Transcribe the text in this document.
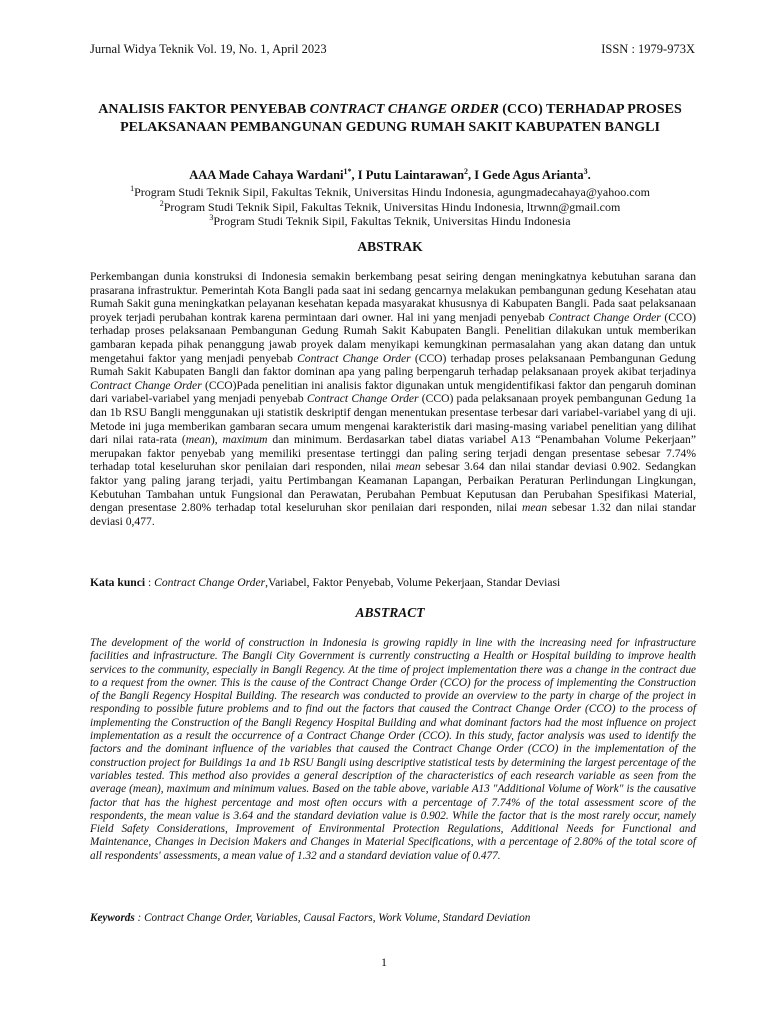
Jurnal Widya Teknik Vol. 19, No. 1, April 2023	ISSN : 1979-973X
ANALISIS FAKTOR PENYEBAB CONTRACT CHANGE ORDER (CCO) TERHADAP PROSES PELAKSANAAN PEMBANGUNAN GEDUNG RUMAH SAKIT KABUPATEN BANGLI
AAA Made Cahaya Wardani$^{1*}$, I Putu Laintarawan$^2$, I Gede Agus Arianta$^3$.
$^1$Program Studi Teknik Sipil, Fakultas Teknik, Universitas Hindu Indonesia, agungmadecahaya@yahoo.com
$^2$Program Studi Teknik Sipil, Fakultas Teknik, Universitas Hindu Indonesia, ltrwnn@gmail.com
$^3$Program Studi Teknik Sipil, Fakultas Teknik, Universitas Hindu Indonesia
ABSTRAK
Perkembangan dunia konstruksi di Indonesia semakin berkembang pesat seiring dengan meningkatnya kebutuhan sarana dan prasarana infrastruktur. Pemerintah Kota Bangli pada saat ini sedang gencarnya melakukan pembangunan gedung Kesehatan atau Rumah Sakit guna meningkatkan pelayanan kesehatan kepada masyarakat khususnya di Kabupaten Bangli. Pada saat pelaksanaan proyek terjadi perubahan kontrak karena permintaan dari owner. Hal ini yang menjadi penyebab Contract Change Order (CCO) terhadap proses pelaksanaan Pembangunan Gedung Rumah Sakit Kabupaten Bangli. Penelitian dilakukan untuk memberikan gambaran kepada pihak penanggung jawab proyek dalam menyikapi kemungkinan permasalahan yang akan datang dan untuk mengetahui faktor yang menjadi penyebab Contract Change Order (CCO) terhadap proses pelaksanaan Pembangunan Gedung Rumah Sakit Kabupaten Bangli dan faktor dominan apa yang paling berpengaruh terhadap pelaksanaan proyek akibat terjadinya Contract Change Order (CCO)Pada penelitian ini analisis faktor digunakan untuk mengidentifikasi faktor dan pengaruh dominan dari variabel-variabel yang menjadi penyebab Contract Change Order (CCO) pada pelaksanaan proyek pembangunan Gedung 1a dan 1b RSU Bangli menggunakan uji statistik deskriptif dengan menentukan presentase terbesar dari variabel-variabel yang di uji. Metode ini juga memberikan gambaran secara umum mengenai karakteristik dari masing-masing variabel penelitian yang dilihat dari nilai rata-rata (mean), maximum dan minimum. Berdasarkan tabel diatas variabel A13 “Penambahan Volume Pekerjaan” merupakan faktor penyebab yang memiliki presentase tertinggi dan paling sering terjadi dengan presentase sebesar 7.74% terhadap total keseluruhan skor penilaian dari responden, nilai mean sebesar 3.64 dan nilai standar deviasi 0.902. Sedangkan faktor yang paling jarang terjadi, yaitu Pertimbangan Keamanan Lapangan, Perbaikan Peraturan Perlindungan Lingkungan, Kebutuhan Tambahan untuk Fungsional dan Perawatan, Perubahan Pembuat Keputusan dan Perubahan Spesifikasi Material, dengan presentase 2.80% terhadap total keseluruhan skor penilaian dari responden, nilai mean sebesar 1.32 dan nilai standar deviasi 0,477.
Kata kunci : Contract Change Order,Variabel, Faktor Penyebab, Volume Pekerjaan, Standar Deviasi
ABSTRACT
The development of the world of construction in Indonesia is growing rapidly in line with the increasing need for infrastructure facilities and infrastructure. The Bangli City Government is currently constructing a Health or Hospital building to improve health services to the community, especially in Bangli Regency. At the time of project implementation there was a change in the contract due to a request from the owner. This is the cause of the Contract Change Order (CCO) for the process of implementing the Construction of the Bangli Regency Hospital Building. The research was conducted to provide an overview to the party in charge of the project in responding to possible future problems and to find out the factors that caused the Contract Change Order (CCO) to the process of implementing the Construction of the Bangli Regency Hospital Building and what dominant factors had the most influence on project implementation as a result the occurrence of a Contract Change Order (CCO). In this study, factor analysis was used to identify the factors and the dominant influence of the variables that caused the Contract Change Order (CCO) in the implementation of the construction project for Buildings 1a and 1b RSU Bangli using descriptive statistical tests by determining the largest percentage of the variables tested. This method also provides a general description of the characteristics of each research variable as seen from the average (mean), maximum and minimum values. Based on the table above, variable A13 "Additional Volume of Work" is the causative factor that has the highest percentage and most often occurs with a percentage of 7.74% of the total assessment score of the respondents, the mean value is 3.64 and the standard deviation value is 0.902. While the factor that is the most rarely occur, namely Field Safety Considerations, Improvement of Environmental Protection Regulations, Additional Needs for Functional and Maintenance, Changes in Decision Makers and Changes in Material Specifications, with a percentage of 2.80% of the total score of all respondents' assessments, a mean value of 1.32 and a standard deviation value of 0.477.
Keywords : Contract Change Order, Variables, Causal Factors, Work Volume, Standard Deviation
1
